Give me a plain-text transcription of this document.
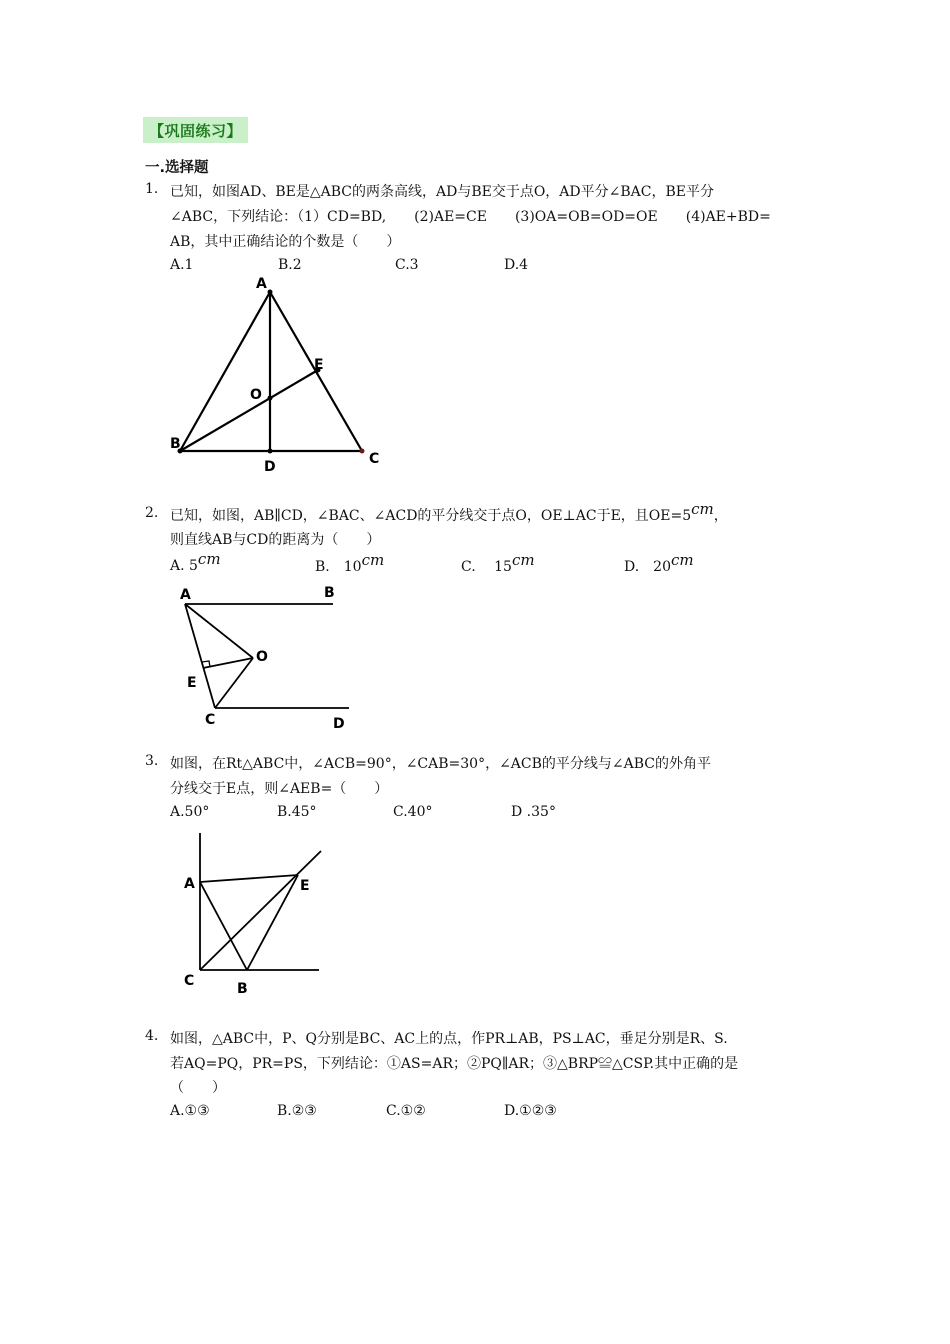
【巩固练习】
一.选择题
1. 已知，如图AD、BE是△ABC的两条高线，AD与BE交于点O，AD平分∠BAC，BE平分
∠ABC，下列结论：（1）CD=BD,　　(2)AE=CE　　(3)OA=OB=OD=OE　　(4)AE+BD=
AB，其中正确结论的个数是（　　）
A.1	B.2	C.3	D.4
A
B
C
D
E
O
2. 已知，如图，AB∥CD，∠BAC、∠ACD的平分线交于点O，OE⊥AC于E，且OE=5cm，
则直线AB与CD的距离为（　　）
A. 5cm	B.　10cm	C.　 15cm	D.　20cm
A	B
C	D
E
O
3. 如图，在Rt△ABC中，∠ACB=90°，∠CAB=30°，∠ACB的平分线与∠ABC的外角平
分线交于E点，则∠AEB=（　　）
A.50°	B.45°	C.40°	D .35°
A
B
C
E
4. 如图，△ABC中，P、Q分别是BC、AC上的点，作PR⊥AB，PS⊥AC，垂足分别是R、S.
若AQ=PQ，PR=PS，下列结论：①AS=AR；②PQ∥AR；③△BRP≌△CSP.其中正确的是
（　　）
A.①③	B.②③	C.①②	D.①②③
